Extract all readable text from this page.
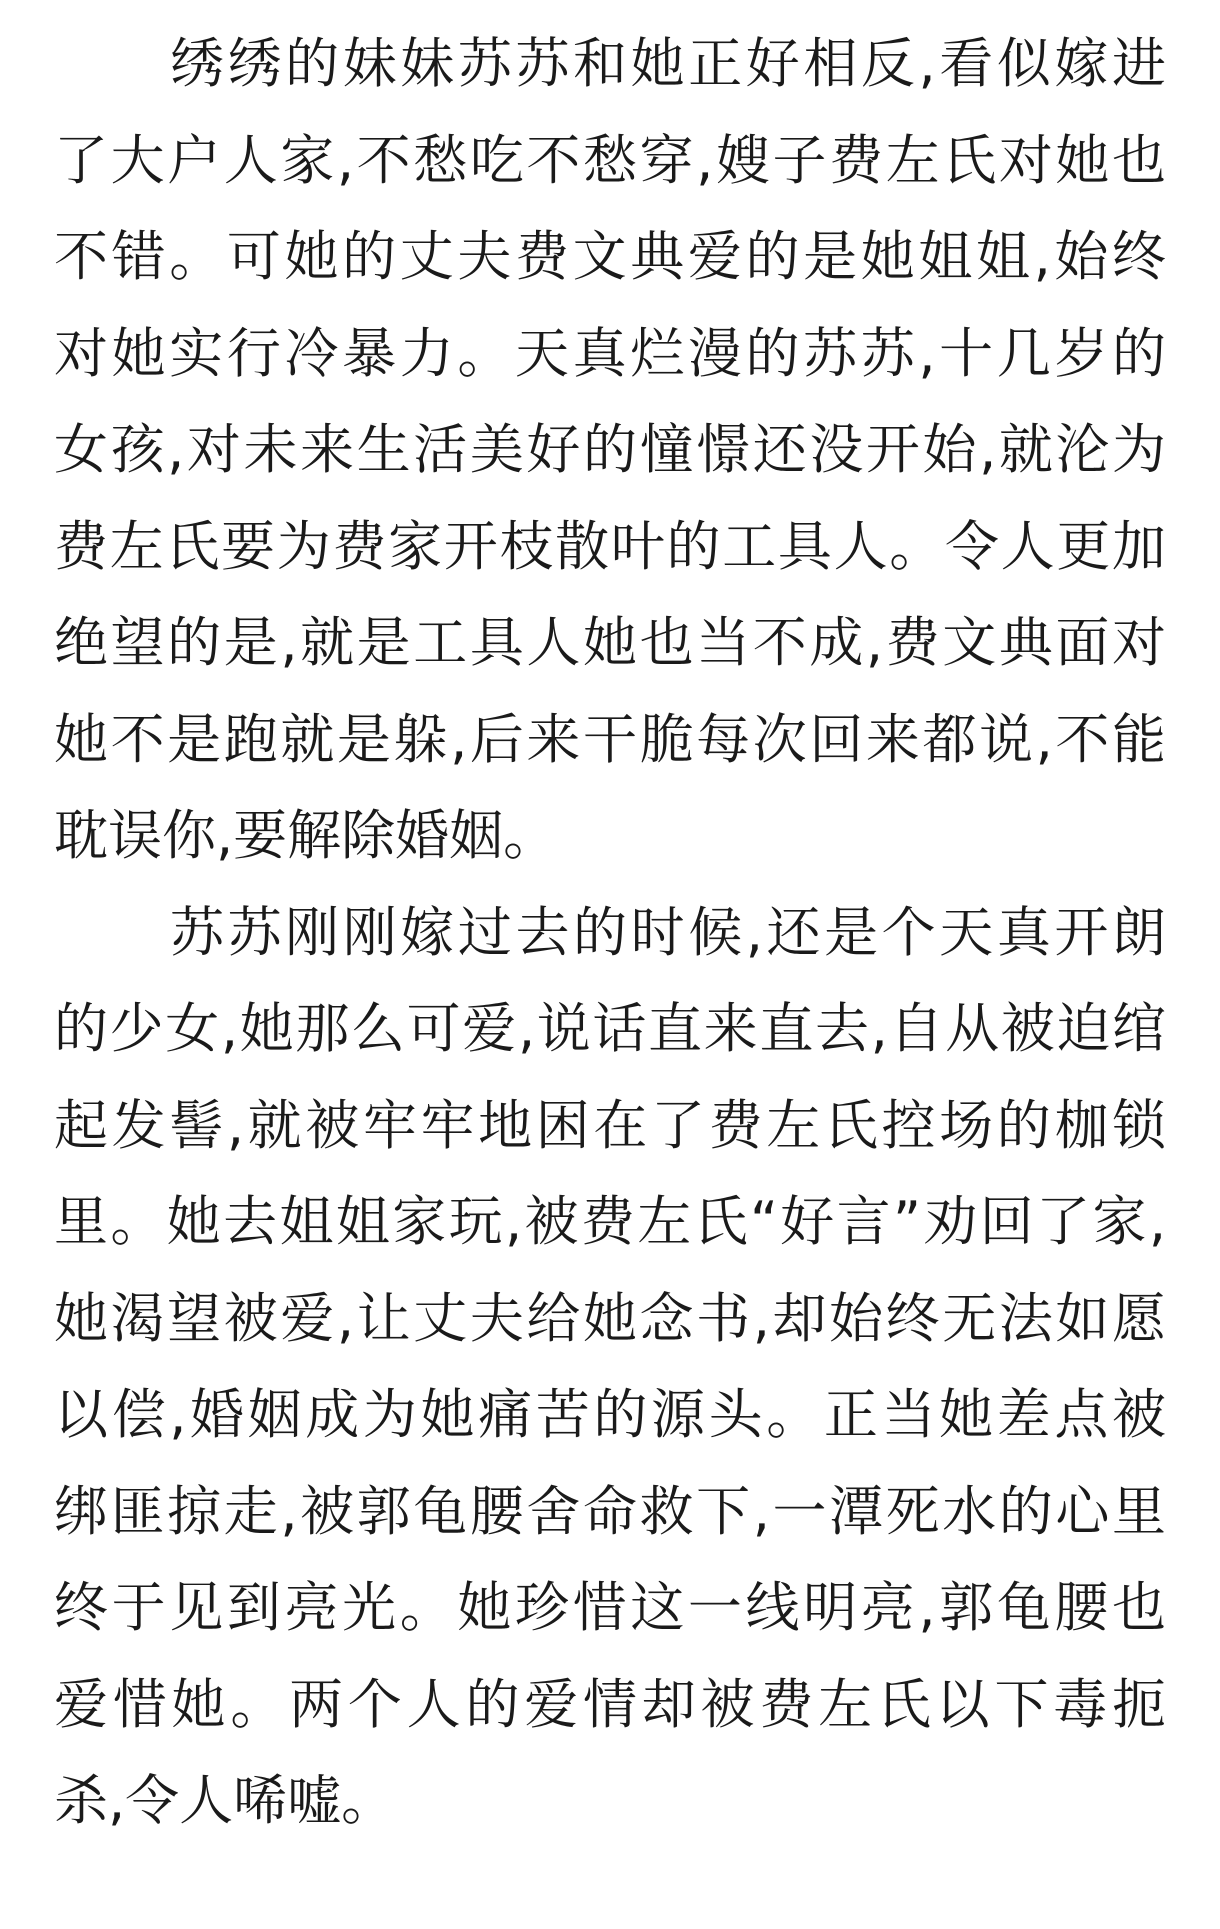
绣绣的妹妹苏苏和她正好相反,看似嫁进
了大户人家,不愁吃不愁穿,嫂子费左氏对她也
不错。可她的丈夫费文典爱的是她姐姐,始终
对她实行冷暴力。天真烂漫的苏苏,十几岁的
女孩,对未来生活美好的憧憬还没开始,就沦为
费左氏要为费家开枝散叶的工具人。令人更加
绝望的是,就是工具人她也当不成,费文典面对
她不是跑就是躲,后来干脆每次回来都说,不能
耽误你,要解除婚姻。
苏苏刚刚嫁过去的时候,还是个天真开朗
的少女,她那么可爱,说话直来直去,自从被迫绾
起发髻,就被牢牢地困在了费左氏控场的枷锁
里。她去姐姐家玩,被费左氏“好言”劝回了家,
她渴望被爱,让丈夫给她念书,却始终无法如愿
以偿,婚姻成为她痛苦的源头。正当她差点被
绑匪掠走,被郭龟腰舍命救下,一潭死水的心里
终于见到亮光。她珍惜这一线明亮,郭龟腰也
爱惜她。两个人的爱情却被费左氏以下毒扼
杀,令人唏嘘。
